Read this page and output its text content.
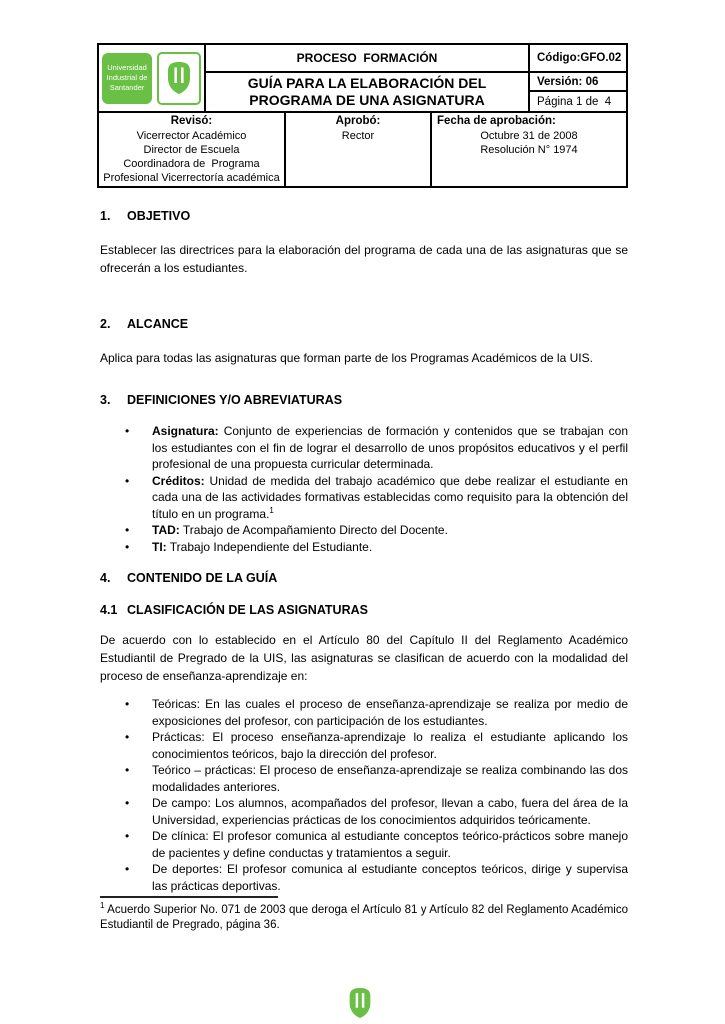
Universidad
Industrial de
Santander
PROCESO  FORMACIÓN	Código:GFO.02
GUÍA PARA LA ELABORACIÓN DEL
PROGRAMA DE UNA ASIGNATURA
Versión: 06
Página 1 de  4
Revisó:
Vicerrector Académico
Director de Escuela
Coordinadora de  Programa
Profesional Vicerrectoría académica
Aprobó:
Rector
Fecha de aprobación:
Octubre 31 de 2008
Resolución N° 1974
1. OBJETIVO

Establecer las directrices para la elaboración del programa de cada una de las asignaturas que se ofrecerán a los estudiantes.

2. ALCANCE

Aplica para todas las asignaturas que forman parte de los Programas Académicos de la UIS.

3. DEFINICIONES Y/O ABREVIATURAS
• Asignatura: Conjunto de experiencias de formación y contenidos que se trabajan con los estudiantes con el fin de lograr el desarrollo de unos propósitos educativos y el perfil profesional de una propuesta curricular determinada.
• Créditos: Unidad de medida del trabajo académico que debe realizar el estudiante en cada una de las actividades formativas establecidas como requisito para la obtención del título en un programa.$^1$
• TAD: Trabajo de Acompañamiento Directo del Docente.
• TI: Trabajo Independiente del Estudiante.
4. CONTENIDO DE LA GUÍA
4.1 CLASIFICACIÓN DE LAS ASIGNATURAS

De acuerdo con lo establecido en el Artículo 80 del Capítulo II del Reglamento Académico Estudiantil de Pregrado de la UIS, las asignaturas se clasifican de acuerdo con la modalidad del proceso de enseñanza-aprendizaje en:

• Teóricas: En las cuales el proceso de enseñanza-aprendizaje se realiza por medio de exposiciones del profesor, con participación de los estudiantes.
• Prácticas: El proceso enseñanza-aprendizaje lo realiza el estudiante aplicando los conocimientos teóricos, bajo la dirección del profesor.
• Teórico – prácticas: El proceso de enseñanza-aprendizaje se realiza combinando las dos modalidades anteriores.
• De campo: Los alumnos, acompañados del profesor, llevan a cabo, fuera del área de la Universidad, experiencias prácticas de los conocimientos adquiridos teóricamente.
• De clínica: El profesor comunica al estudiante conceptos teórico-prácticos sobre manejo de pacientes y define conductas y tratamientos a seguir.
• De deportes: El profesor comunica al estudiante conceptos teóricos, dirige y supervisa las prácticas deportivas.
$^1$ Acuerdo Superior No. 071 de 2003 que deroga el Artículo 81 y Artículo 82 del Reglamento Académico Estudiantil de Pregrado, página 36.
